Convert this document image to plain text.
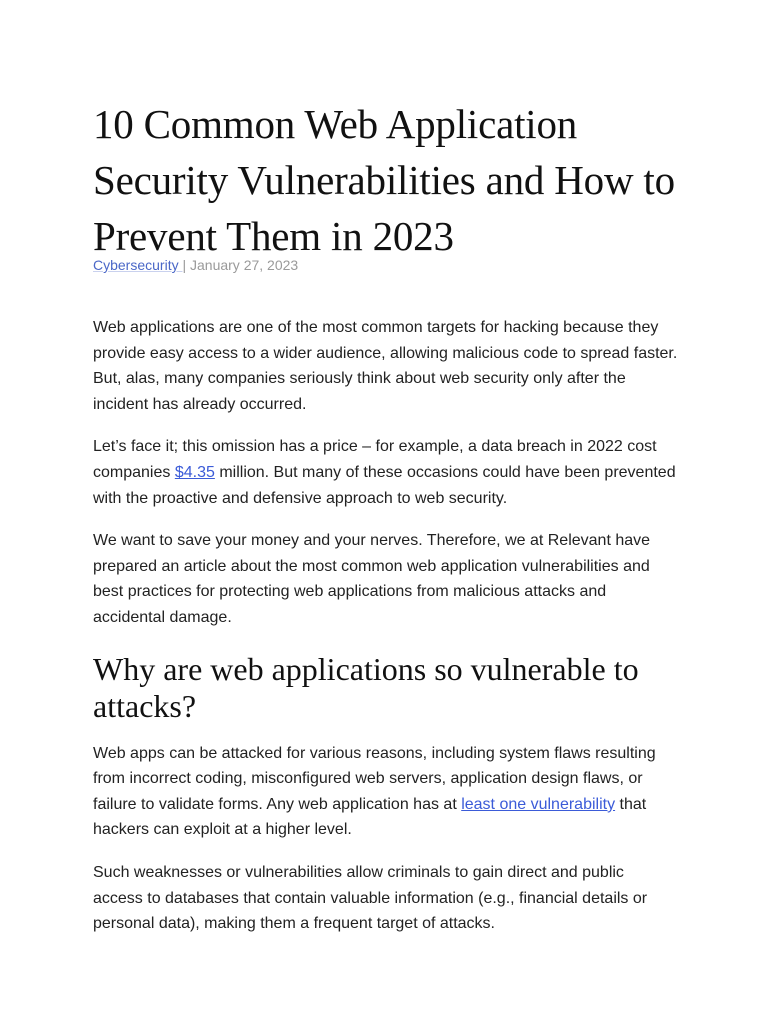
10 Common Web Application Security Vulnerabilities and How to Prevent Them in 2023
Cybersecurity | January 27, 2023

Web applications are one of the most common targets for hacking because they provide easy access to a wider audience, allowing malicious code to spread faster. But, alas, many companies seriously think about web security only after the incident has already occurred.

Let’s face it; this omission has a price – for example, a data breach in 2022 cost companies $4.35 million. But many of these occasions could have been prevented with the proactive and defensive approach to web security.

We want to save your money and your nerves. Therefore, we at Relevant have prepared an article about the most common web application vulnerabilities and best practices for protecting web applications from malicious attacks and accidental damage.

Why are web applications so vulnerable to attacks?

Web apps can be attacked for various reasons, including system flaws resulting from incorrect coding, misconfigured web servers, application design flaws, or failure to validate forms. Any web application has at least one vulnerability that hackers can exploit at a higher level.

Such weaknesses or vulnerabilities allow criminals to gain direct and public access to databases that contain valuable information (e.g., financial details or personal data), making them a frequent target of attacks.
